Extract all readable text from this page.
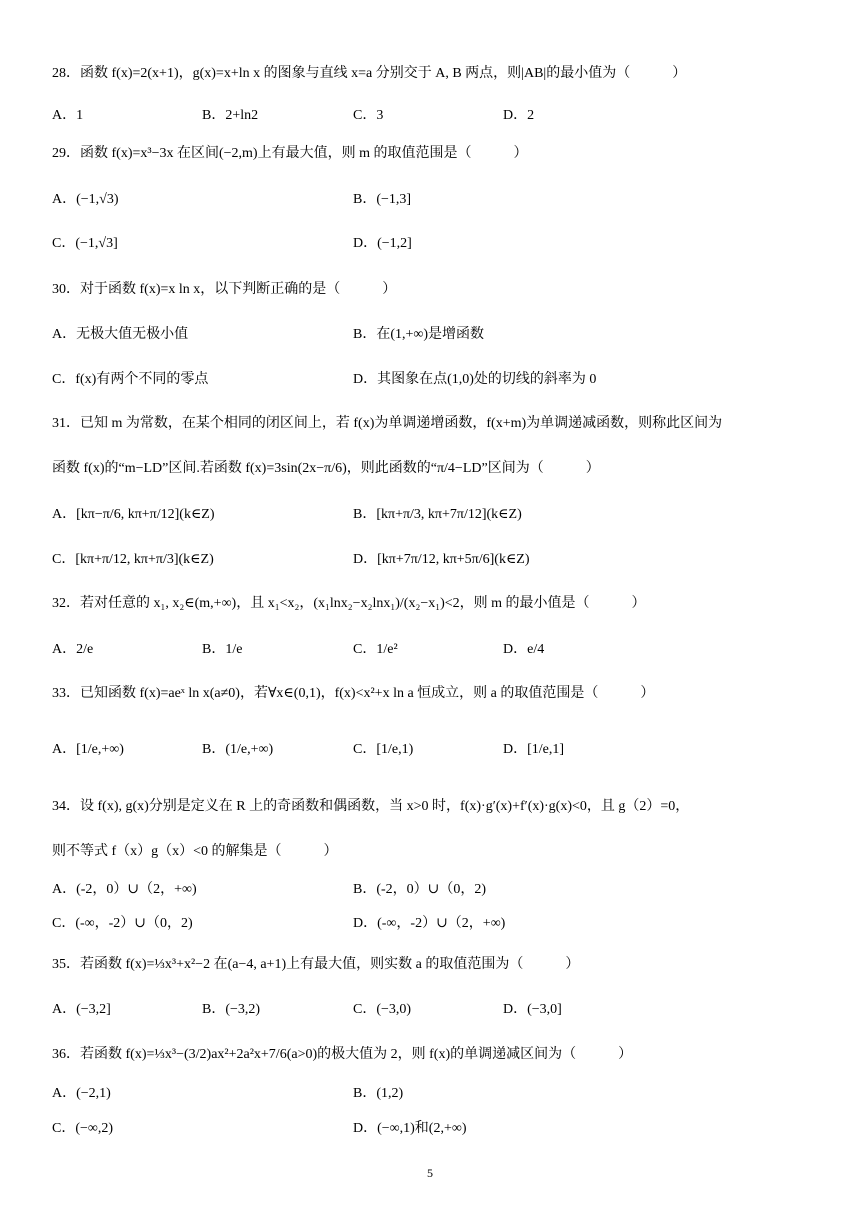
28．函数 f(x)=2(x+1)，g(x)=x+ln x 的图象与直线 x=a 分别交于 A, B 两点，则|AB|的最小值为（　　　）
A．1	B．2+ln2	C．3	D．2
29．函数 f(x)=x³−3x 在区间(−2,m)上有最大值，则 m 的取值范围是（　　　）
A．(−1,√3)	B．(−1,3]
C．(−1,√3]	D．(−1,2]
30．对于函数 f(x)=x ln x，以下判断正确的是（　　　）
A．无极大值无极小值	B．在(1,+∞)是增函数
C．f(x)有两个不同的零点	D．其图象在点(1,0)处的切线的斜率为 0
31．已知 m 为常数，在某个相同的闭区间上，若 f(x)为单调递增函数，f(x+m)为单调递减函数，则称此区间为
函数 f(x)的“m−LD”区间.若函数 f(x)=3sin(2x−π/6)，则此函数的“π/4−LD”区间为（　　　）
A．[kπ−π/6, kπ+π/12](k∈Z)	B．[kπ+π/3, kπ+7π/12](k∈Z)
C．[kπ+π/12, kπ+π/3](k∈Z)	D．[kπ+7π/12, kπ+5π/6](k∈Z)
32．若对任意的 x₁, x₂∈(m,+∞)，且 x₁<x₂，(x₁lnx₂−x₂lnx₁)/(x₂−x₁)<2，则 m 的最小值是（　　　）
A．2/e	B．1/e	C．1/e²	D．e/4
33．已知函数 f(x)=aeˣ ln x(a≠0)，若∀x∈(0,1)，f(x)<x²+x ln a 恒成立，则 a 的取值范围是（　　　）
A．[1/e,+∞)	B．(1/e,+∞)	C．[1/e,1)	D．[1/e,1]
34．设 f(x), g(x)分别是定义在 R 上的奇函数和偶函数，当 x>0 时，f(x)·g′(x)+f′(x)·g(x)<0，且 g（2）=0，
则不等式 f（x）g（x）<0 的解集是（　　　）
A．(-2，0）∪（2，+∞)	B．(-2，0）∪（0，2)
C．(-∞，-2）∪（0，2)	D．(-∞，-2）∪（2，+∞)
35．若函数 f(x)=⅓x³+x²−2 在(a−4, a+1)上有最大值，则实数 a 的取值范围为（　　　）
A．(−3,2]	B．(−3,2)	C．(−3,0)	D．(−3,0]
36．若函数 f(x)=⅓x³−(3/2)ax²+2a²x+7/6(a>0)的极大值为 2，则 f(x)的单调递减区间为（　　　）
A．(−2,1)	B．(1,2)
C．(−∞,2)	D．(−∞,1)和(2,+∞)
5
